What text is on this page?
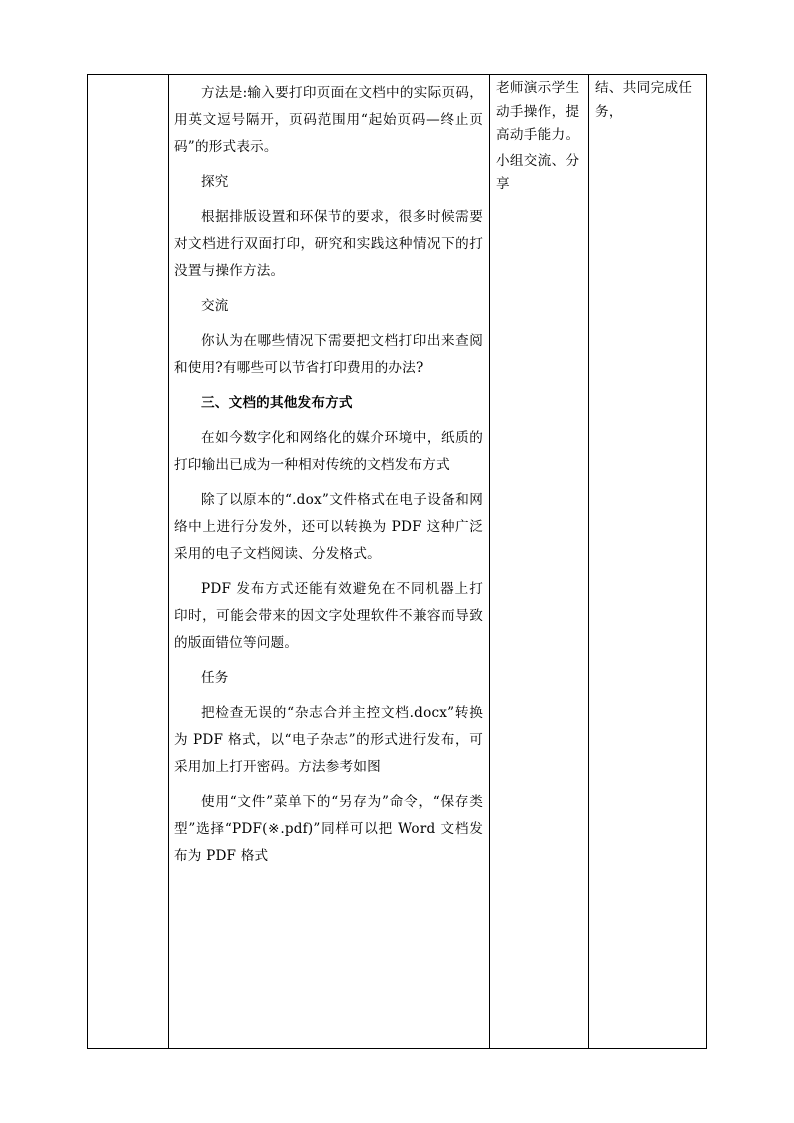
方法是:输入要打印页面在文档中的实际页码，用英文逗号隔开，页码范围用“起始页码—终止页码”的形式表示。

探究

根据排版设置和环保节的要求，很多时候需要对文档进行双面打印，研究和实践这种情况下的打没置与操作方法。

交流

你认为在哪些情况下需要把文档打印出来查阅和使用?有哪些可以节省打印费用的办法?

三、文档的其他发布方式

在如今数字化和网络化的媒介环境中，纸质的打印输出已成为一种相对传统的文档发布方式

除了以原本的“.dox”文件格式在电子设备和网络中上进行分发外，还可以转换为 PDF 这种广泛采用的电子文档阅读、分发格式。

PDF 发布方式还能有效避免在不同机器上打印时，可能会带来的因文字处理软件不兼容而导致的版面错位等问题。

任务

把检查无误的“杂志合并主控文档.docx”转换为 PDF 格式，以“电子杂志”的形式进行发布，可采用加上打开密码。方法参考如图

使用“文件”菜单下的“另存为”命令，“保存类型”选择“PDF(※.pdf)”同样可以把 Word 文档发布为 PDF 格式

老师演示学生动手操作，提高动手能力。

小组交流、分享

结、共同完成任务，
